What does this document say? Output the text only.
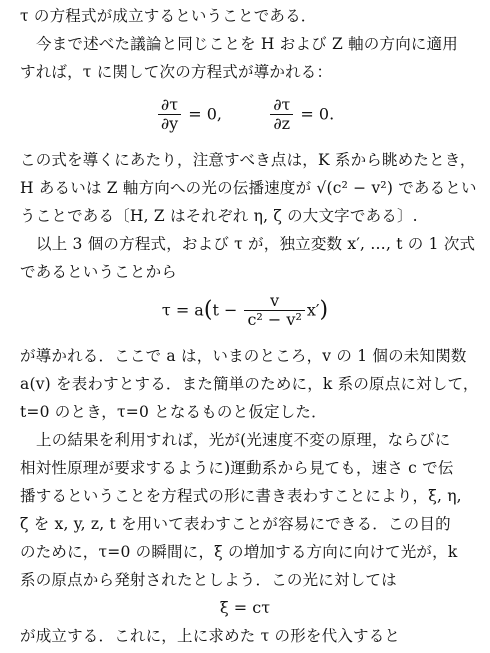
τ の方程式が成立するということである．
今まで述べた議論と同じことを H および Z 軸の方向に適用
すれば，τ に関して次の方程式が導かれる：
$\frac{\partial\tau}{\partial y} = 0$,	$\frac{\partial\tau}{\partial z} = 0$.
この式を導くにあたり，注意すべき点は，K 系から眺めたとき，
H あるいは Z 軸方向への光の伝播速度が √(c² − v²) であるとい
うことである〔H, Z はそれぞれ η, ζ の大文字である〕.
以上 3 個の方程式，および τ が，独立変数 x′, …, t の 1 次式
であるということから
$\tau = a(t - \frac{v}{\text{c² − v²}} x')$
が導かれる．ここで a は，いまのところ，v の 1 個の未知関数
a(v) を表わすとする．また簡単のために，k 系の原点に対して，
t=0 のとき，τ=0 となるものと仮定した．
上の結果を利用すれば，光が(光速度不変の原理，ならびに
相対性原理が要求するように)運動系から見ても，速さ c で伝
播するということを方程式の形に書き表わすことにより，ξ, η,
ζ を x, y, z, t を用いて表わすことが容易にできる．この目的
のために，τ=0 の瞬間に，ξ の増加する方向に向けて光が，k
系の原点から発射されたとしよう．この光に対しては
ξ = cτ
が成立する．これに，上に求めた τ の形を代入すると
